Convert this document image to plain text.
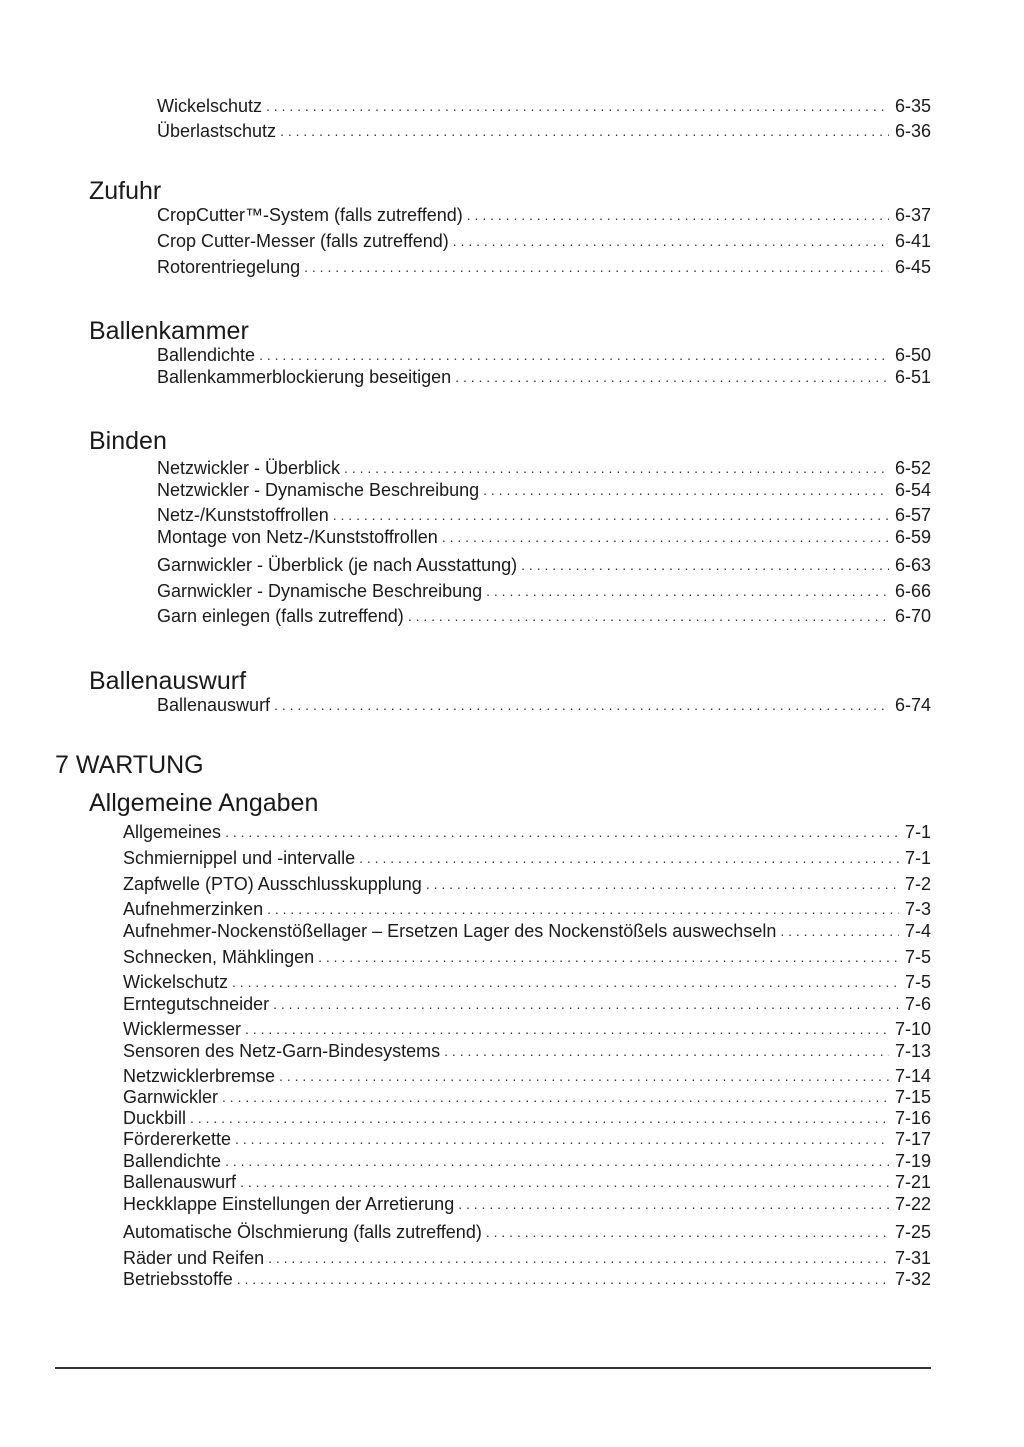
Wickelschutz . . .	6-35
Überlastschutz . . .	6-36
Zufuhr
CropCutter™-System (falls zutreffend) . . .	6-37
Crop Cutter-Messer (falls zutreffend) . . .	6-41
Rotorentriegelung . . .	6-45
Ballenkammer
Ballendichte . . .	6-50
Ballenkammerblockierung beseitigen . . .	6-51
Binden
Netzwickler - Überblick . . .	6-52
Netzwickler - Dynamische Beschreibung . . .	6-54
Netz-/Kunststoffrollen . . .	6-57
Montage von Netz-/Kunststoffrollen . . .	6-59
Garnwickler - Überblick (je nach Ausstattung) . . .	6-63
Garnwickler - Dynamische Beschreibung . . .	6-66
Garn einlegen (falls zutreffend) . . .	6-70
Ballenauswurf
Ballenauswurf . . .	6-74
7 WARTUNG
Allgemeine Angaben
Allgemeines . . .	7-1
Schmiernippel und -intervalle . . .	7-1
Zapfwelle (PTO) Ausschlusskupplung . . .	7-2
Aufnehmerzinken . . .	7-3
Aufnehmer-Nockenstößellager – Ersetzen Lager des Nockenstößels auswechseln . . .	7-4
Schnecken, Mähklingen . . .	7-5
Wickelschutz . . .	7-5
Erntegutschneider . . .	7-6
Wicklermesser . . .	7-10
Sensoren des Netz-Garn-Bindesystems . . .	7-13
Netzwicklerbremse . . .	7-14
Garnwickler . . .	7-15
Duckbill . . .	7-16
Fördererkette . . .	7-17
Ballendichte . . .	7-19
Ballenauswurf . . .	7-21
Heckklappe Einstellungen der Arretierung . . .	7-22
Automatische Ölschmierung (falls zutreffend) . . .	7-25
Räder und Reifen . . .	7-31
Betriebsstoffe . . .	7-32
